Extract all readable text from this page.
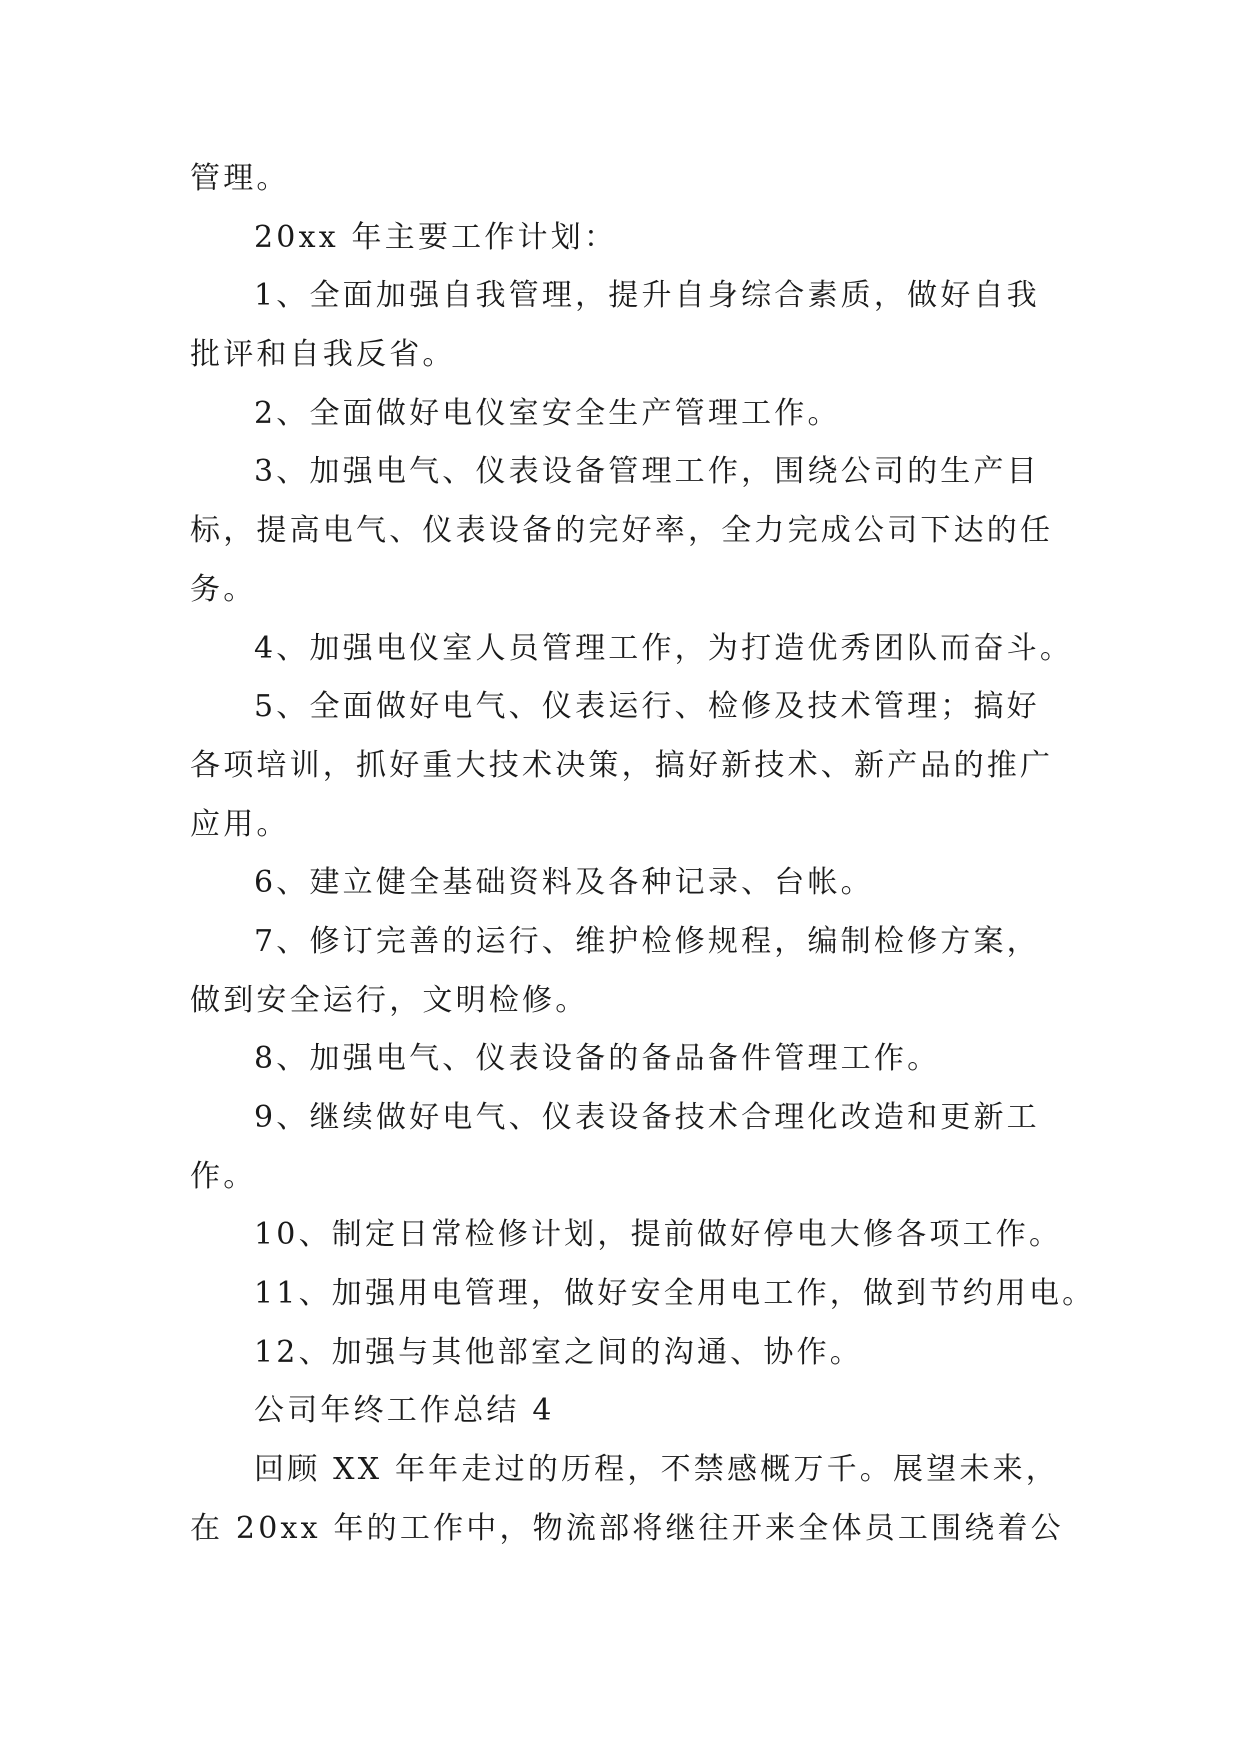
管理。
20xx 年主要工作计划：
1、全面加强自我管理，提升自身综合素质，做好自我
批评和自我反省。
2、全面做好电仪室安全生产管理工作。
3、加强电气、仪表设备管理工作，围绕公司的生产目
标，提高电气、仪表设备的完好率，全力完成公司下达的任
务。
4、加强电仪室人员管理工作，为打造优秀团队而奋斗。
5、全面做好电气、仪表运行、检修及技术管理；搞好
各项培训，抓好重大技术决策，搞好新技术、新产品的推广
应用。
6、建立健全基础资料及各种记录、台帐。
7、修订完善的运行、维护检修规程，编制检修方案，
做到安全运行，文明检修。
8、加强电气、仪表设备的备品备件管理工作。
9、继续做好电气、仪表设备技术合理化改造和更新工
作。
10、制定日常检修计划，提前做好停电大修各项工作。
11、加强用电管理，做好安全用电工作，做到节约用电。
12、加强与其他部室之间的沟通、协作。
公司年终工作总结 4
回顾 XX 年年走过的历程，不禁感概万千。展望未来，
在 20xx 年的工作中，物流部将继往开来全体员工围绕着公
